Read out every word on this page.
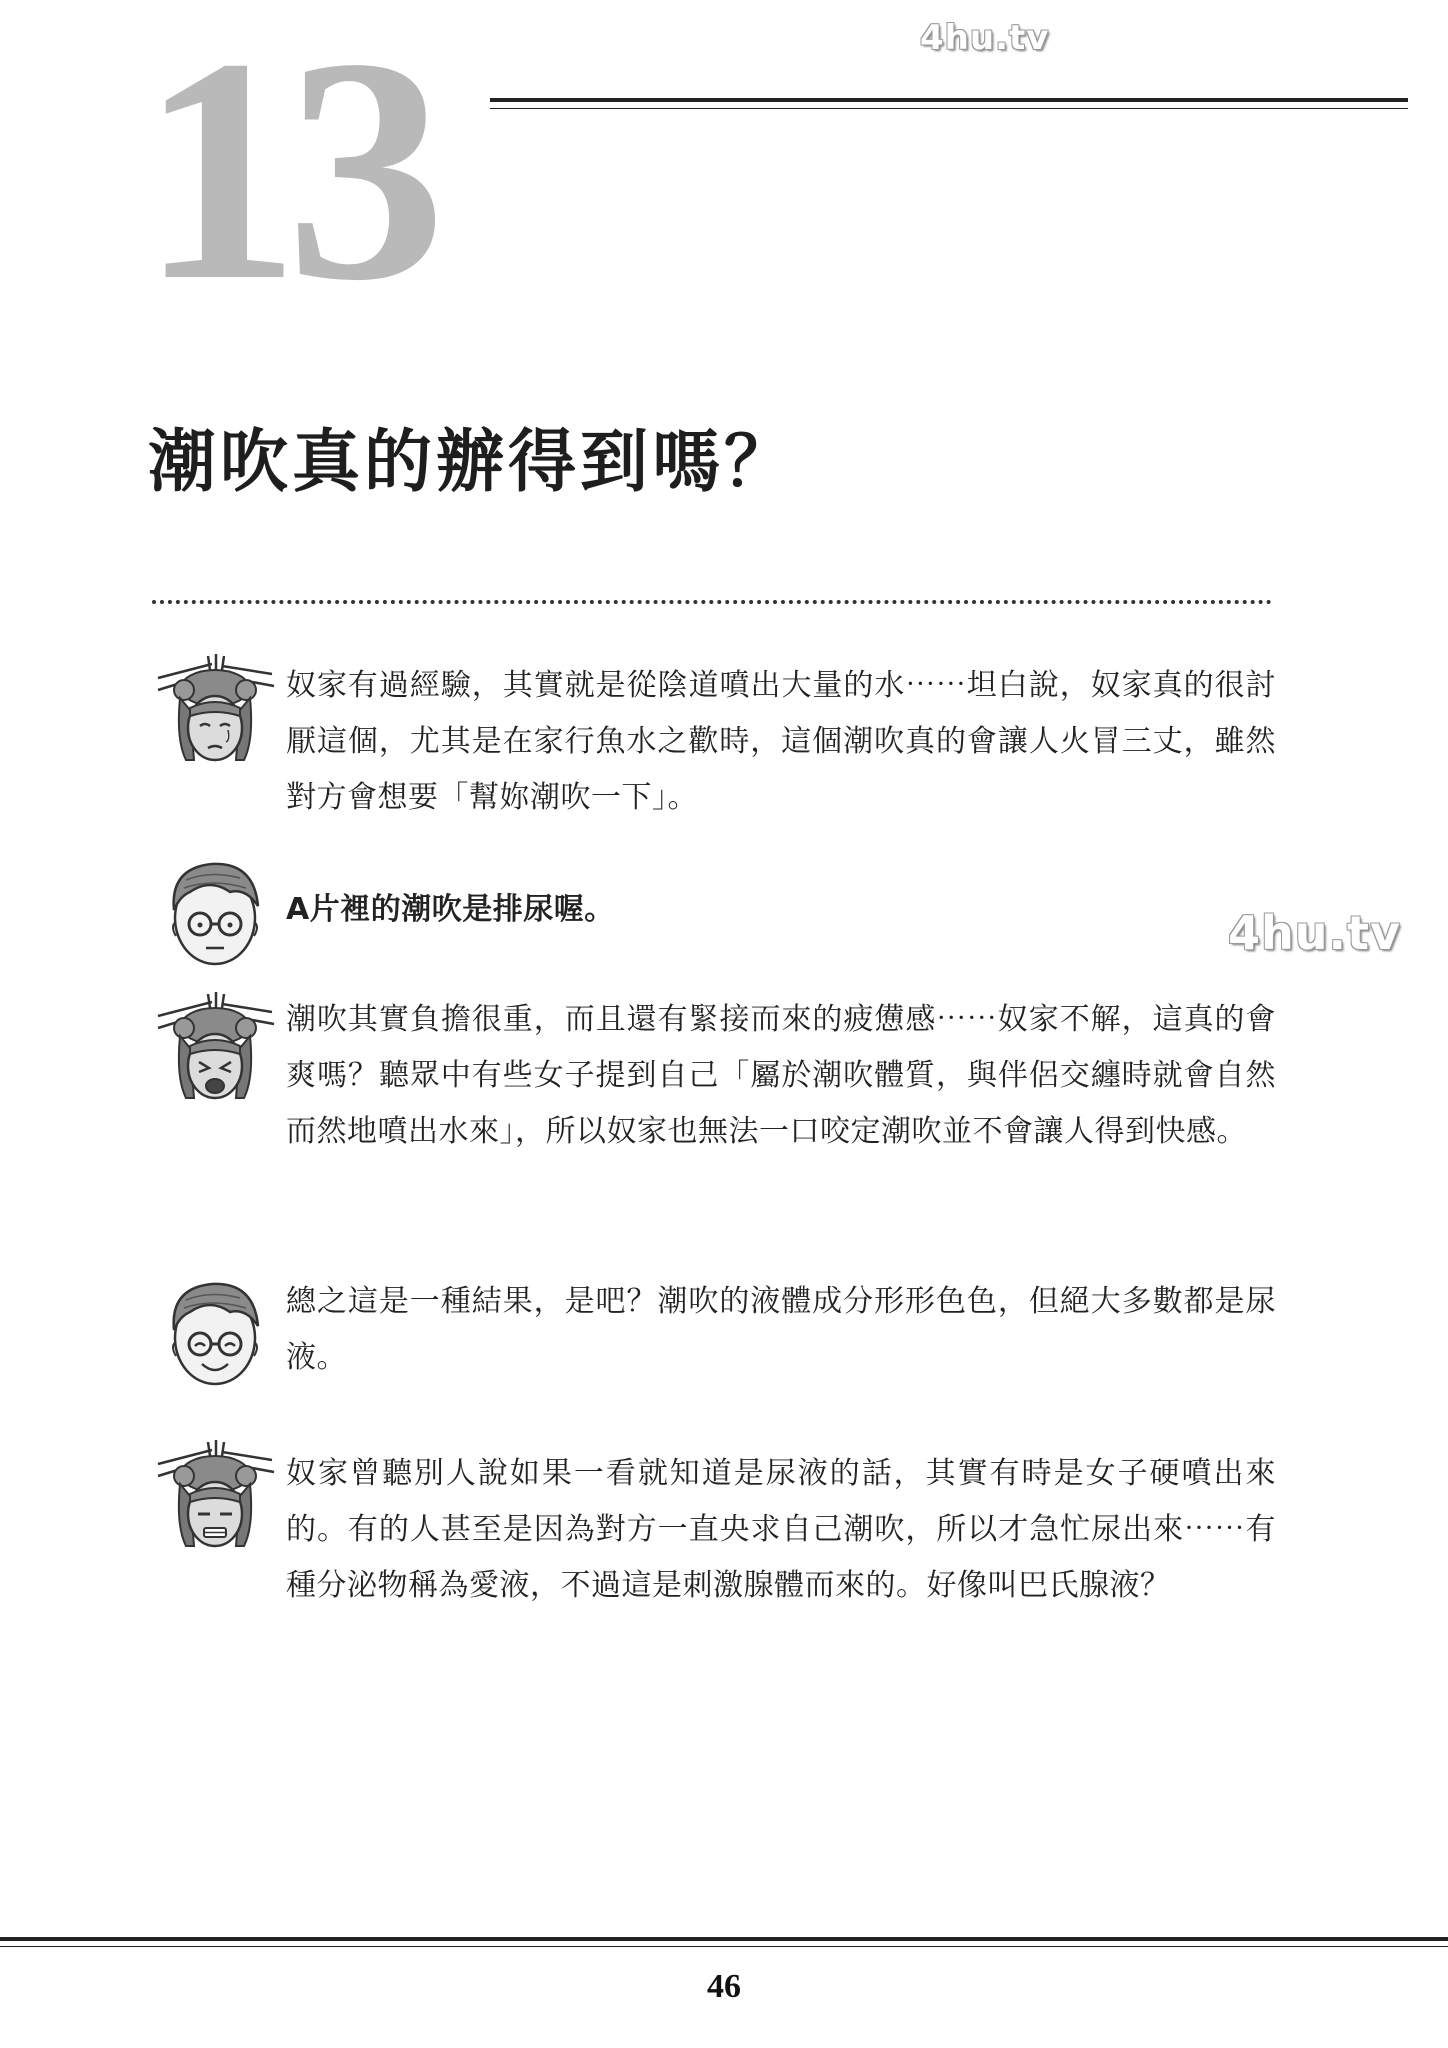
13	4hu.tv
潮吹真的辦得到嗎？

奴家有過經驗，其實就是從陰道噴出大量的水⋯⋯坦白說，奴家真的很討厭這個，尤其是在家行魚水之歡時，這個潮吹真的會讓人火冒三丈，雖然對方會想要「幫妳潮吹一下」。

A片裡的潮吹是排尿喔。	4hu.tv

潮吹其實負擔很重，而且還有緊接而來的疲憊感⋯⋯奴家不解，這真的會爽嗎？聽眾中有些女子提到自己「屬於潮吹體質，與伴侶交纏時就會自然而然地噴出水來」，所以奴家也無法一口咬定潮吹並不會讓人得到快感。

總之這是一種結果，是吧？潮吹的液體成分形形色色，但絕大多數都是尿液。

奴家曾聽別人說如果一看就知道是尿液的話，其實有時是女子硬噴出來的。有的人甚至是因為對方一直央求自己潮吹，所以才急忙尿出來⋯⋯有種分泌物稱為愛液，不過這是刺激腺體而來的。好像叫巴氏腺液？

46
